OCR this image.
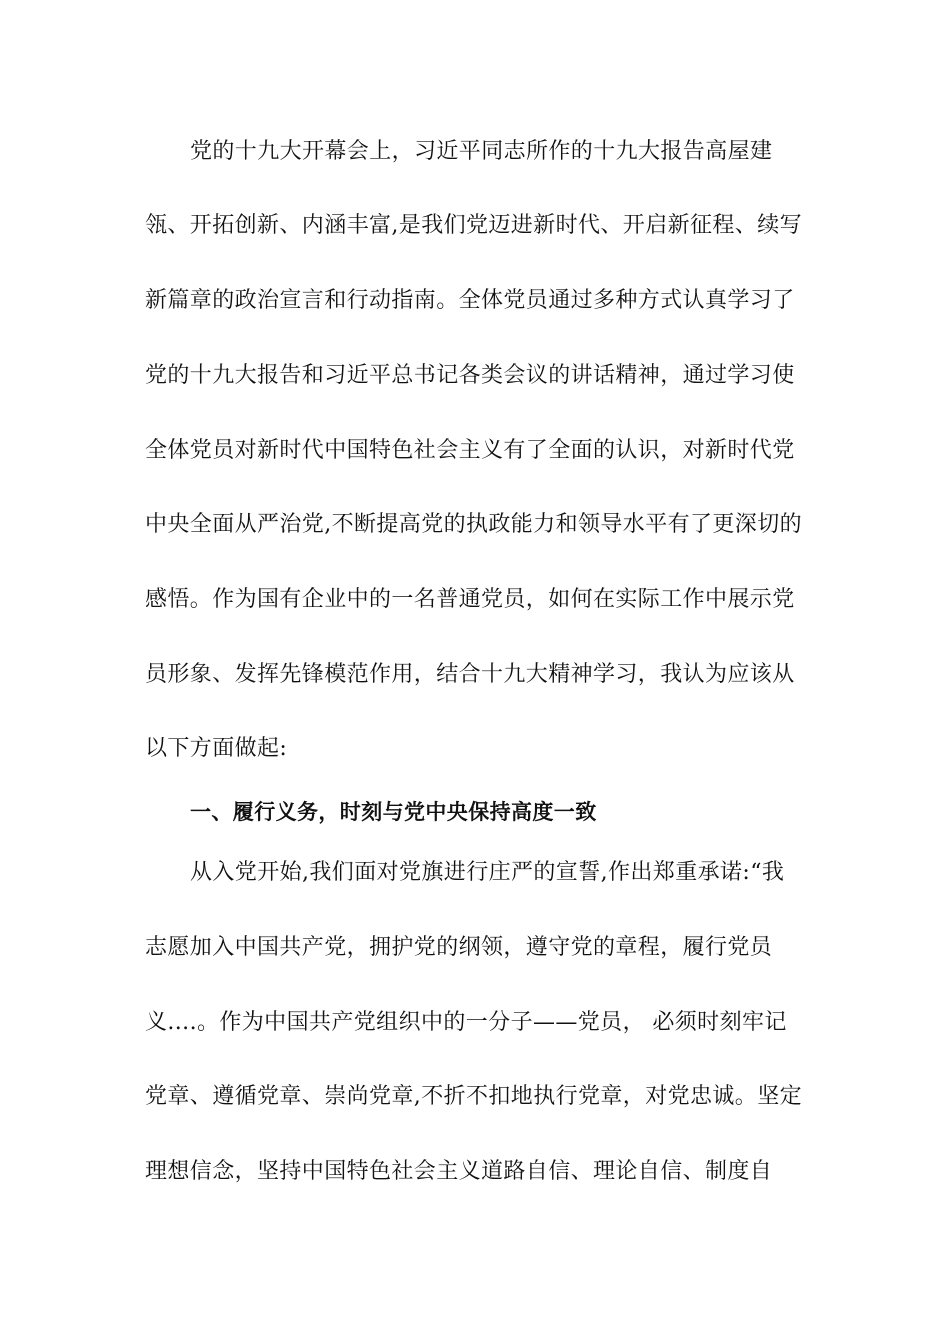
党的十九大开幕会上，习近平同志所作的十九大报告高屋建
瓴、开拓创新、内涵丰富,是我们党迈进新时代、开启新征程、续写
新篇章的政治宣言和行动指南。全体党员通过多种方式认真学习了
党的十九大报告和习近平总书记各类会议的讲话精神，通过学习使
全体党员对新时代中国特色社会主义有了全面的认识，对新时代党
中央全面从严治党,不断提高党的执政能力和领导水平有了更深切的
感悟。作为国有企业中的一名普通党员，如何在实际工作中展示党
员形象、发挥先锋模范作用，结合十九大精神学习，我认为应该从
以下方面做起:
一、履行义务，时刻与党中央保持高度一致
从入党开始,我们面对党旗进行庄严的宣誓,作出郑重承诺:“我
志愿加入中国共产党，拥护党的纲领，遵守党的章程，履行党员
义....。作为中国共产党组织中的一分子——党员， 必须时刻牢记
党章、遵循党章、崇尚党章,不折不扣地执行党章，对党忠诚。坚定
理想信念，坚持中国特色社会主义道路自信、理论自信、制度自
